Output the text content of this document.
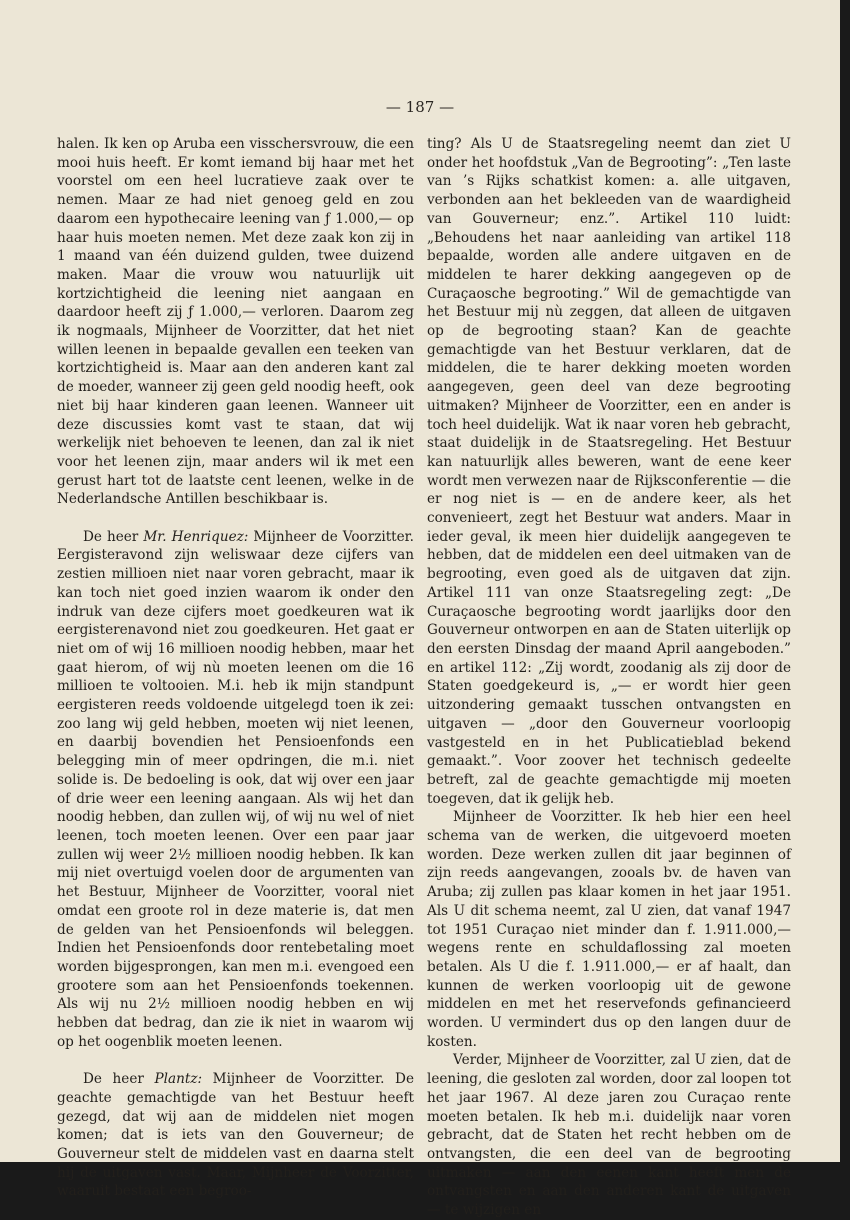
— 187 —

halen. Ik ken op Aruba een visschersvrouw, die een mooi huis heeft. Er komt iemand bij haar met het voorstel om een heel lucratieve zaak over te nemen. Maar ze had niet genoeg geld en zou daarom een hypothecaire leening van ƒ 1.000,— op haar huis moeten nemen. Met deze zaak kon zij in 1 maand van één duizend gulden, twee duizend maken. Maar die vrouw wou natuurlijk uit kortzichtigheid die leening niet aangaan en daardoor heeft zij ƒ 1.000,— verloren. Daarom zeg ik nogmaals, Mijnheer de Voorzitter, dat het niet willen leenen in bepaalde gevallen een teeken van kortzichtigheid is. Maar aan den anderen kant zal de moeder, wanneer zij geen geld noodig heeft, ook niet bij haar kinderen gaan leenen. Wanneer uit deze discussies komt vast te staan, dat wij werkelijk niet behoeven te leenen, dan zal ik niet voor het leenen zijn, maar anders wil ik met een gerust hart tot de laatste cent leenen, welke in de Nederlandsche Antillen beschikbaar is.

De heer Mr. Henriquez: Mijnheer de Voorzitter. Eergisteravond zijn weliswaar deze cijfers van zestien millioen niet naar voren gebracht, maar ik kan toch niet goed inzien waarom ik onder den indruk van deze cijfers moet goedkeuren wat ik eergisterenavond niet zou goedkeuren. Het gaat er niet om of wij 16 millioen noodig hebben, maar het gaat hierom, of wij nù moeten leenen om die 16 millioen te voltooien. M.i. heb ik mijn standpunt eergisteren reeds voldoende uitgelegd toen ik zei: zoo lang wij geld hebben, moeten wij niet leenen, en daarbij bovendien het Pensioenfonds een belegging min of meer opdringen, die m.i. niet solide is. De bedoeling is ook, dat wij over een jaar of drie weer een leening aangaan. Als wij het dan noodig hebben, dan zullen wij, of wij nu wel of niet leenen, toch moeten leenen. Over een paar jaar zullen wij weer 2½ millioen noodig hebben. Ik kan mij niet overtuigd voelen door de argumenten van het Bestuur, Mijnheer de Voorzitter, vooral niet omdat een groote rol in deze materie is, dat men de gelden van het Pensioenfonds wil beleggen. Indien het Pensioenfonds door rentebetaling moet worden bijgesprongen, kan men m.i. evengoed een grootere som aan het Pensioenfonds toekennen. Als wij nu 2½ millioen noodig hebben en wij hebben dat bedrag, dan zie ik niet in waarom wij op het oogenblik moeten leenen.

De heer Plantz: Mijnheer de Voorzitter. De geachte gemachtigde van het Bestuur heeft gezegd, dat wij aan de middelen niet mogen komen; dat is iets van den Gouverneur; de Gouverneur stelt de middelen vast en daarna stelt hij de uitgaven vast. Maar, Mijnheer de Voorzitter, waaruit bestaat een begroo-

ting? Als U de Staatsregeling neemt dan ziet U onder het hoofdstuk „Van de Begrooting”: „Ten laste van ’s Rijks schatkist komen: a. alle uitgaven, verbonden aan het bekleeden van de waardigheid van Gouverneur; enz.”. Artikel 110 luidt: „Behoudens het naar aanleiding van artikel 118 bepaalde, worden alle andere uitgaven en de middelen te harer dekking aangegeven op de Curaçaosche begrooting.” Wil de gemachtigde van het Bestuur mij nù zeggen, dat alleen de uitgaven op de begrooting staan? Kan de geachte gemachtigde van het Bestuur verklaren, dat de middelen, die te harer dekking moeten worden aangegeven, geen deel van deze begrooting uitmaken? Mijnheer de Voorzitter, een en ander is toch heel duidelijk. Wat ik naar voren heb gebracht, staat duidelijk in de Staatsregeling. Het Bestuur kan natuurlijk alles beweren, want de eene keer wordt men verwezen naar de Rijksconferentie — die er nog niet is — en de andere keer, als het convenieert, zegt het Bestuur wat anders. Maar in ieder geval, ik meen hier duidelijk aangegeven te hebben, dat de middelen een deel uitmaken van de begrooting, even goed als de uitgaven dat zijn. Artikel 111 van onze Staatsregeling zegt: „De Curaçaosche begrooting wordt jaarlijks door den Gouverneur ontworpen en aan de Staten uiterlijk op den eersten Dinsdag der maand April aangeboden.” en artikel 112: „Zij wordt, zoodanig als zij door de Staten goedgekeurd is, „— er wordt hier geen uitzondering gemaakt tusschen ontvangsten en uitgaven — „door den Gouverneur voorloopig vastgesteld en in het Publicatieblad bekend gemaakt.”. Voor zoover het technisch gedeelte betreft, zal de geachte gemachtigde mij moeten toegeven, dat ik gelijk heb.

Mijnheer de Voorzitter. Ik heb hier een heel schema van de werken, die uitgevoerd moeten worden. Deze werken zullen dit jaar beginnen of zijn reeds aangevangen, zooals bv. de haven van Aruba; zij zullen pas klaar komen in het jaar 1951. Als U dit schema neemt, zal U zien, dat vanaf 1947 tot 1951 Curaçao niet minder dan f. 1.911.000,— wegens rente en schuldaflossing zal moeten betalen. Als U die f. 1.911.000,— er af haalt, dan kunnen de werken voorloopig uit de gewone middelen en met het reservefonds gefinancieerd worden. U vermindert dus op den langen duur de kosten.

Verder, Mijnheer de Voorzitter, zal U zien, dat de leening, die gesloten zal worden, door zal loopen tot het jaar 1967. Al deze jaren zou Curaçao rente moeten betalen. Ik heb m.i. duidelijk naar voren gebracht, dat de Staten het recht hebben om de ontvangsten, die een deel van de begrooting uitmaken — aan den eenen kant heeft men de ontvangsten en aan den anderen kant de uitgaven — te wijzigen en
